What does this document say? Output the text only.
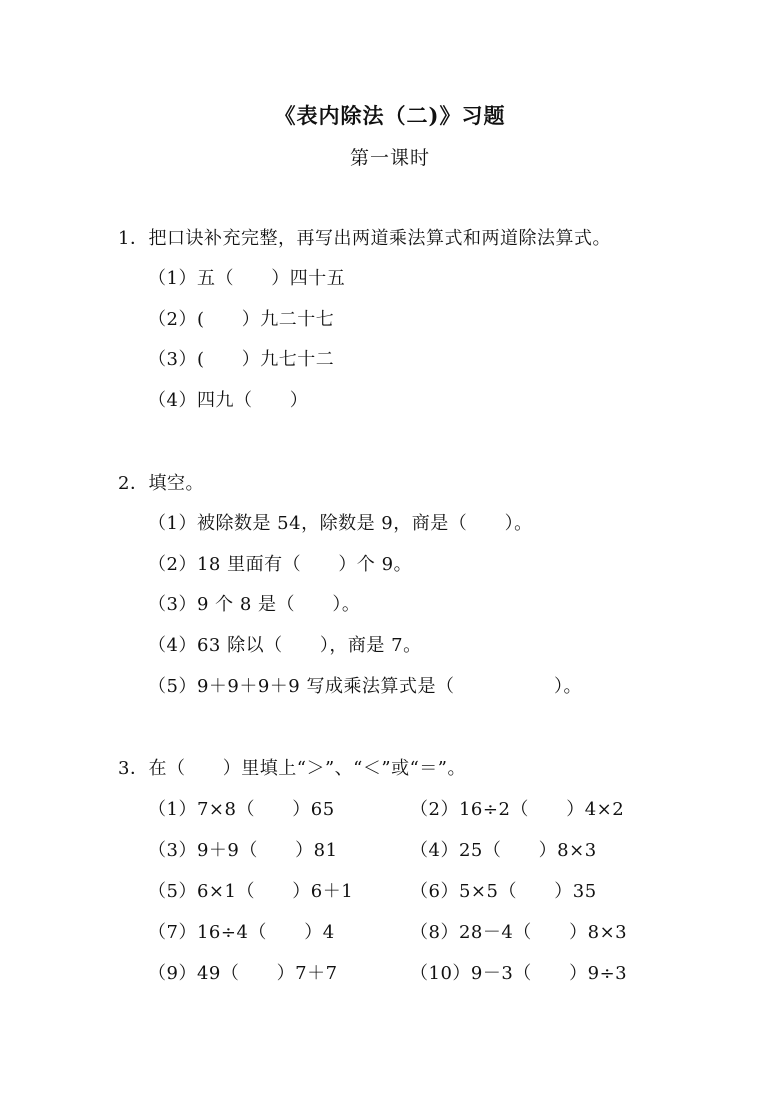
《表内除法（二)》习题
第一课时
1．把口诀补充完整，再写出两道乘法算式和两道除法算式。
（1）五（      ）四十五
（2）(      ）九二十七
（3）(      ）九七十二
（4）四九（      ）
2．填空。
（1）被除数是 54，除数是 9，商是（      ）。
（2）18 里面有（      ）个 9。
（3）9 个 8 是（      ）。
（4）63 除以（      ），商是 7。
（5）9＋9＋9＋9 写成乘法算式是（                ）。
3．在（      ）里填上“＞”、“＜”或“＝”。
（1）7×8（      ）65	（2）16÷2（      ）4×2
（3）9＋9（      ）81	（4）25（      ）8×3
（5）6×1（      ）6＋1	（6）5×5（      ）35
（7）16÷4（      ）4	（8）28－4（      ）8×3
（9）49（      ）7＋7	（10）9－3（      ）9÷3
